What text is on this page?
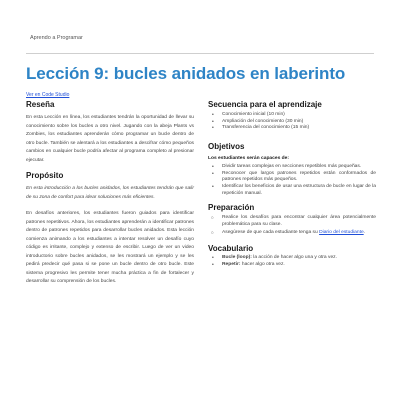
Aprendo a Programar
Lección 9: bucles anidados en laberinto
Ver en Code Studio
Reseña

En esta Lección en línea, los estudiantes tendrán la oportunidad de llevar su conocimiento sobre los bucles a otro nivel. Jugando con la abeja Plants vs Zombies, los estudiantes aprenderán cómo programar un bucle dentro de otro bucle. También se alentará a los estudiantes a descifrar cómo pequeños cambios en cualquier bucle podría afectar al programa completo al presionar ejecutar.

Propósito

En esta introducción a los bucles anidados, los estudiantes tendrán que salir de su zona de confort para idear soluciones más eficientes.

En desafíos anteriores, los estudiantes fueron guiados para identificar patrones repetitivos. Ahora, los estudiantes aprenderán a identificar patrones dentro de patrones repetidos para desarrollar bucles anidados. Esta lección comienza animando a los estudiantes a intentar resolver un desafío cuyo código es irritante, complejo y extenso de escribir. Luego de ver un video introductorio sobre bucles anidados, se les mostrará un ejemplo y se les pedirá predecir qué pasa si se pone un bucle dentro de otro bucle. Este sistema progresivo les permite tener mucha práctica a fin de fortalecer y desarrollar su comprensión de los bucles.

Secuencia para el aprendizaje
• Conocimiento inicial (10 min)
• Ampliación del conocimiento (30 min)
• Transferencia del conocimiento (15 min)
Objetivos
Los estudiantes serán capaces de:
• Dividir tareas complejas en secciones repetibles más pequeñas.
• Reconocer que largos patrones repetidos están conformados de patrones repetidos más pequeños.
• Identificar los beneficios de usar una estructura de bucle en lugar de la repetición manual.
Preparación
○ Realice los desafíos para encontrar cualquier área potencialmente problemática para su clase.
○ Asegúrese de que cada estudiante tenga su Diario del estudiante.
Vocabulario
• Bucle (loop): la acción de hacer algo una y otra vez.
• Repetir: hacer algo otra vez.
